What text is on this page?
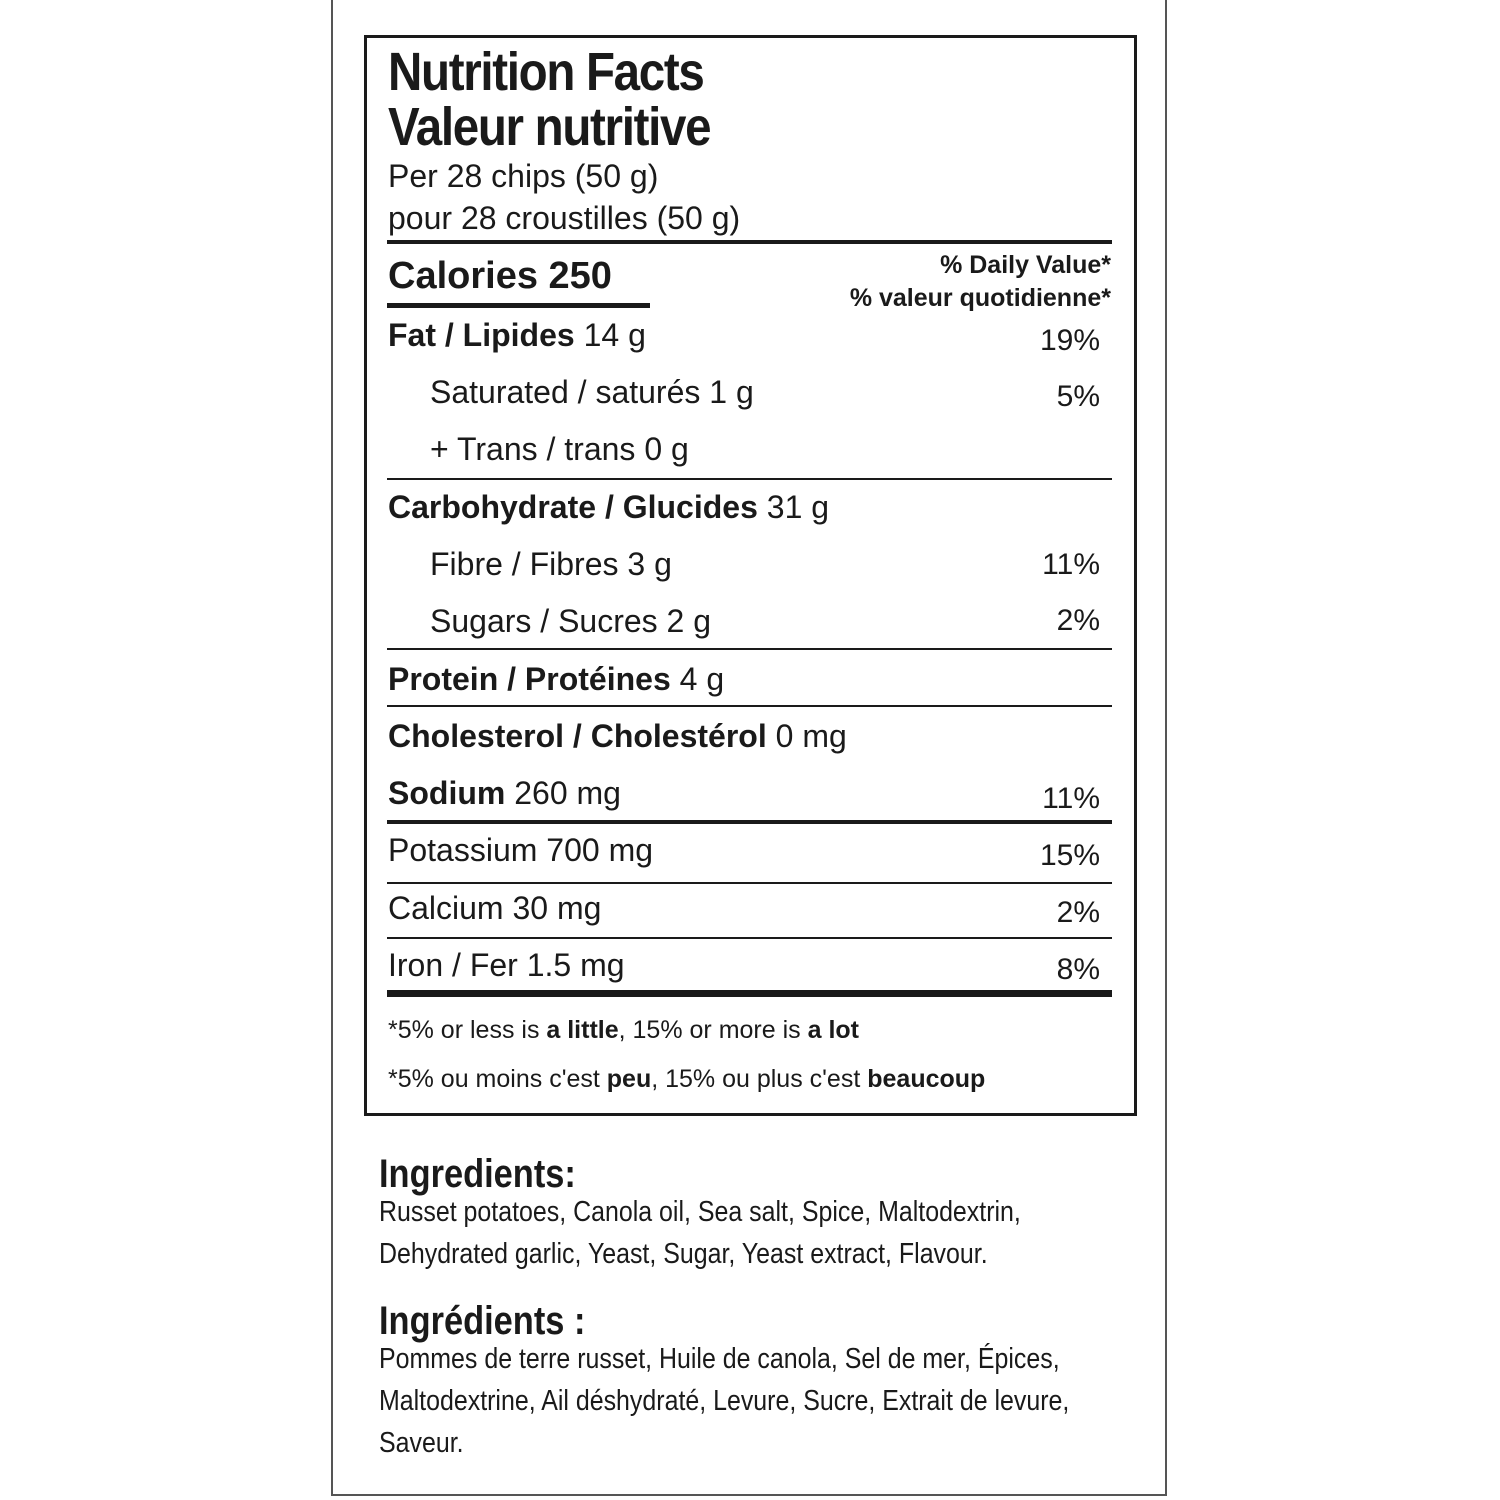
Nutrition Facts
Valeur nutritive
Per 28 chips (50 g)
pour 28 croustilles (50 g)
Calories 250	% Daily Value*
% valeur quotidienne*
Fat / Lipides 14 g	19%
Saturated / saturés 1 g	5%
+ Trans / trans 0 g
Carbohydrate / Glucides 31 g
Fibre / Fibres 3 g	11%
Sugars / Sucres 2 g	2%
Protein / Protéines 4 g
Cholesterol / Cholestérol 0 mg
Sodium 260 mg	11%
Potassium 700 mg	15%
Calcium 30 mg	2%
Iron / Fer 1.5 mg	8%
*5% or less is a little, 15% or more is a lot
*5% ou moins c'est peu, 15% ou plus c'est beaucoup
Ingredients:
Russet potatoes, Canola oil, Sea salt, Spice, Maltodextrin,
Dehydrated garlic, Yeast, Sugar, Yeast extract, Flavour.
Ingrédients :
Pommes de terre russet, Huile de canola, Sel de mer, Épices,
Maltodextrine, Ail déshydraté, Levure, Sucre, Extrait de levure,
Saveur.
